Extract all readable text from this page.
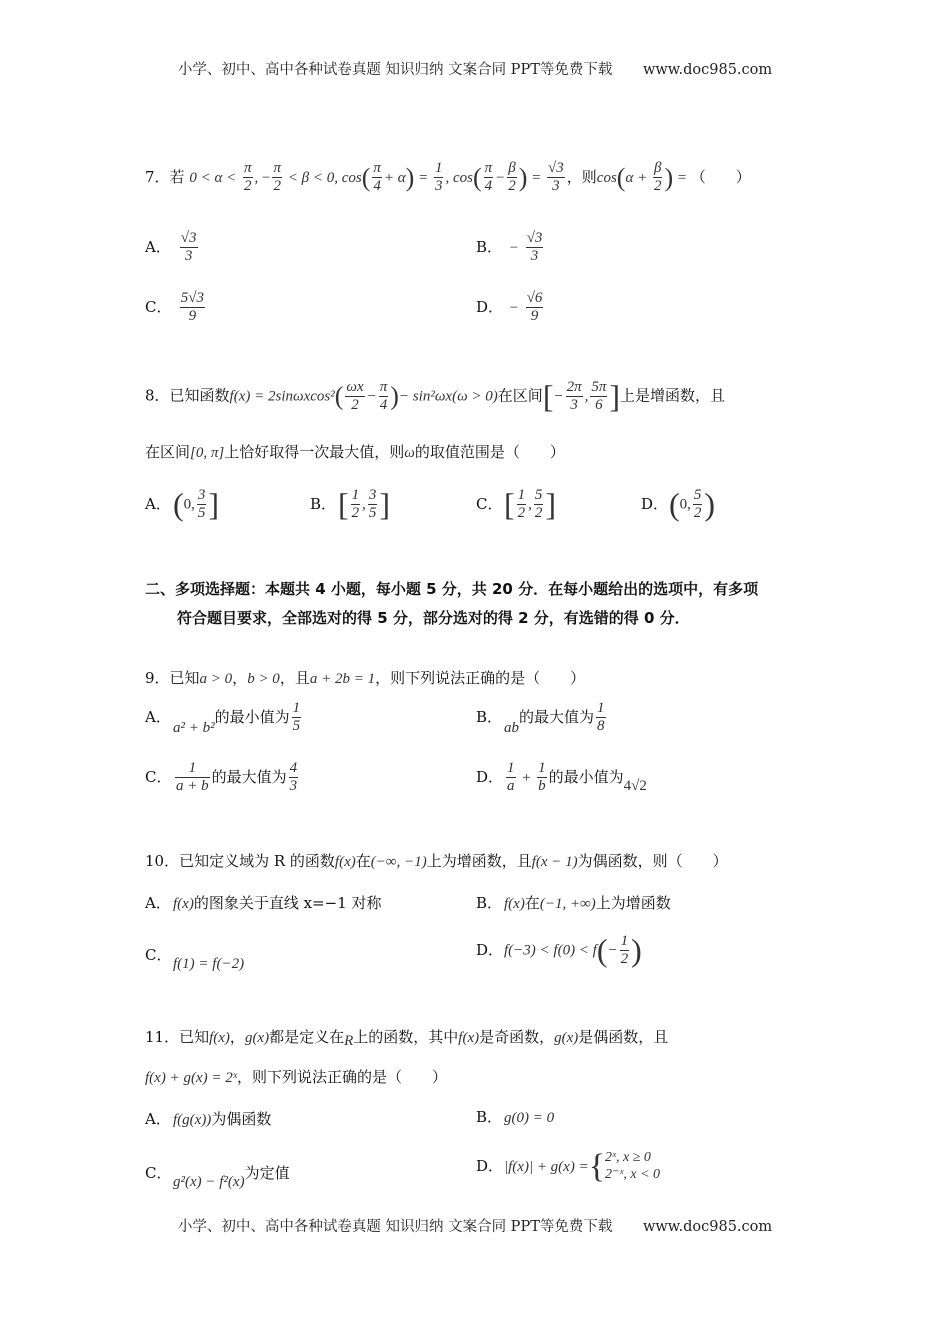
小学、初中、高中各种试卷真题 知识归纳 文案合同 PPT等免费下载 www.doc985.com
7．若 $0 < \alpha < \frac{\pi}{2}$ , − $\frac{\pi}{2} < \beta < 0$, $\cos( \frac{\pi}{4} + \alpha) = \frac{1}{3}$ , $\cos( \frac{\pi}{4} - \frac{\beta}{2}$ ) = $\frac{√3}{3}$ ，则$\cos(\alpha + \frac{\beta}{2}$ ) = （　　）
A． $\frac{√3}{3}$	B． − $\frac{√3}{3}$
C． $\frac{5√3}{9}$	D． − $\frac{√6}{9}$
8．已知函数$f(x) = 2\sin\omega xcos^2( \frac{\omega x}{2} - \frac{\pi}{4}$ )− sin²ωx(ω > 0)在区间[− $\frac{2\pi}{3}$ , $\frac{5\pi}{6}$ ]上是增函数，且
在区间[0, π]上恰好取得一次最大值，则ω的取值范围是（　　）
A．(0, $\frac{3}{5}$ ]	B．[ $\frac{1}{2}$ , $\frac{3}{5}$ ]	C．[ $\frac{1}{2}$ , $\frac{5}{2}$ ]	D．(0, $\frac{5}{2}$ )
二、多项选择题：本题共 4 小题，每小题 5 分，共 20 分．在每小题给出的选项中，有多项
符合题目要求，全部选对的得 5 分，部分选对的得 2 分，有选错的得 0 分．
9．已知a > 0，b > 0，且a + 2b = 1，则下列说法正确的是（　　）
A．a² + b²的最小值为 $\frac{1}{5}$	B．ab的最大值为 $\frac{1}{8}$
C． $\frac{1}{a + b}$ 的最大值为 $\frac{4}{3}$	D． $\frac{1}{a} + \frac{1}{b}$ 的最小值为4√2
10．已知定义域为 R 的函数f(x)在(−∞, −1)上为增函数，且f(x − 1)为偶函数，则（　　）
A． f(x)的图象关于直线 x=−1 对称	B． f(x)在(−1, +∞)上为增函数
C． f(1) = f(−2)
D．$f(-3) < f(0) < f(- \frac{1}{2}$ )
11．已知f(x)，g(x)都是定义在R上的函数，其中f(x)是奇函数，g(x)是偶函数，且
f(x) + g(x) = 2ˣ，则下列说法正确的是（　　）
A． f(g(x))为偶函数	B． g(0) = 0
C． g²(x) − f²(x)为定值	D．|f(x)| + g(x) ={ 2ˣ, x ≥ 0
2⁻ˣ, x < 0
小学、初中、高中各种试卷真题 知识归纳 文案合同 PPT等免费下载 www.doc985.com
